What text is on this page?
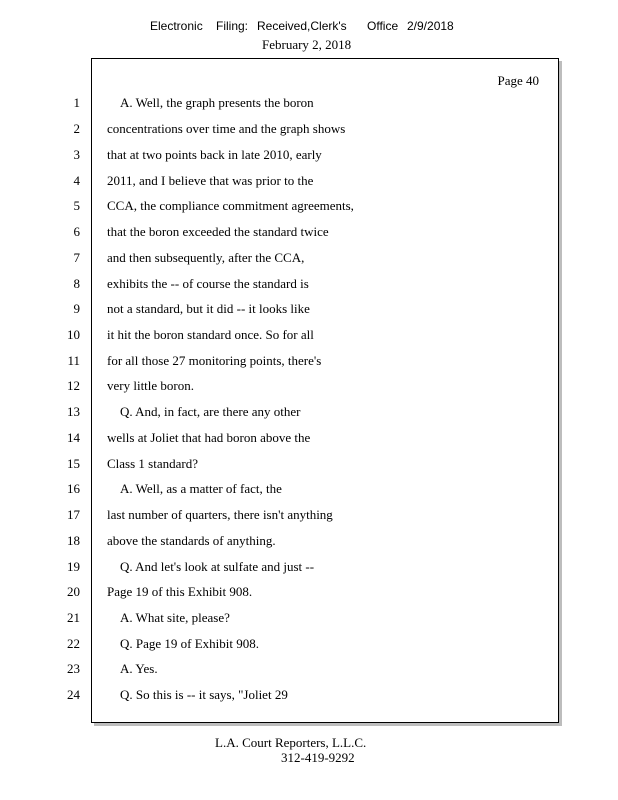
Electronic Filing: Received,Clerk's Office 2/9/2018
February 2, 2018
Page 40
1	A. Well, the graph presents the boron
2 concentrations over time and the graph shows
3 that at two points back in late 2010, early
4 2011, and I believe that was prior to the
5 CCA, the compliance commitment agreements,
6 that the boron exceeded the standard twice
7 and then subsequently, after the CCA,
8 exhibits the -- of course the standard is
9 not a standard, but it did -- it looks like
10 it hit the boron standard once. So for all
11 for all those 27 monitoring points, there's
12 very little boron.
13	Q. And, in fact, are there any other
14 wells at Joliet that had boron above the
15 Class 1 standard?
16	A. Well, as a matter of fact, the
17 last number of quarters, there isn't anything
18 above the standards of anything.
19	Q. And let's look at sulfate and just --
20 Page 19 of this Exhibit 908.
21	A. What site, please?
22	Q. Page 19 of Exhibit 908.
23	A. Yes.
24	Q. So this is -- it says, "Joliet 29
L.A. Court Reporters, L.L.C.
312-419-9292
